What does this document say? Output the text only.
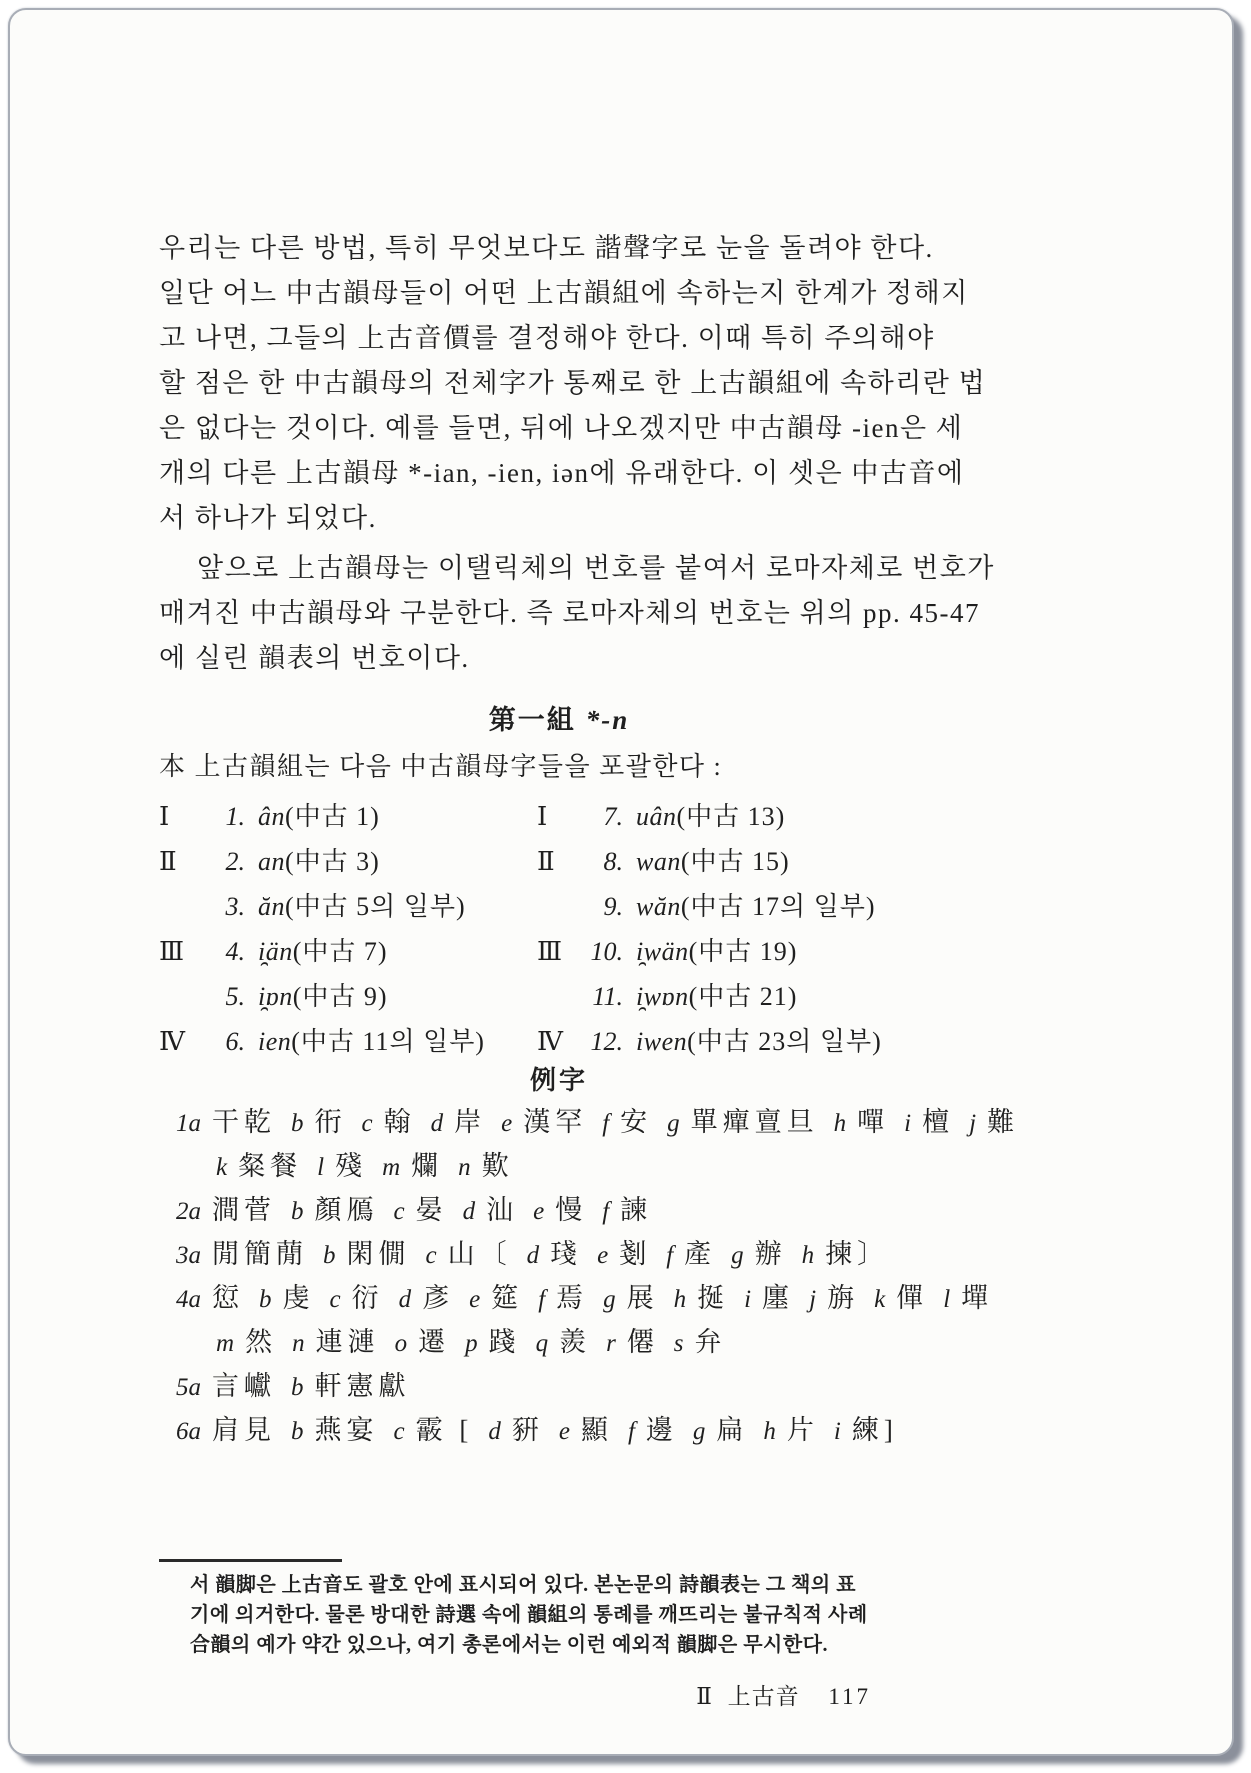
우리는 다른 방법, 특히 무엇보다도 諧聲字로 눈을 돌려야 한다.
일단 어느 中古韻母들이 어떤 上古韻組에 속하는지 한계가 정해지
고 나면, 그들의 上古音價를 결정해야 한다. 이때 특히 주의해야
할 점은 한 中古韻母의 전체字가 통째로 한 上古韻組에 속하리란 법
은 없다는 것이다. 예를 들면, 뒤에 나오겠지만 中古韻母 -ien은 세
개의 다른 上古韻母 *-ian, -ien, iən에 유래한다. 이 셋은 中古音에
서 하나가 되었다.
앞으로 上古韻母는 이탤릭체의 번호를 붙여서 로마자체로 번호가
매겨진 中古韻母와 구분한다. 즉 로마자체의 번호는 위의 pp. 45-47
에 실린 韻表의 번호이다.
第一組 *-n
本 上古韻組는 다음 中古韻母字들을 포괄한다 :
Ⅰ 1. ân(中古 1)
Ⅱ 2. an(中古 3)
3. ăn(中古 5의 일부)
Ⅲ 4. i̯än(中古 7)
5. i̯ɒn(中古 9)
Ⅳ 6. ien(中古 11의 일부)
Ⅰ 7. uân(中古 13)
Ⅱ 8. wan(中古 15)
9. wăn(中古 17의 일부)
Ⅲ 10. i̯wän(中古 19)
11. i̯wɒn(中古 21)
Ⅳ 12. iwen(中古 23의 일부)
例字
1a 干乾 b 衎 c 翰 d 岸 e 漢罕 f 安 g 單癉亶旦 h 嘽 i 檀 j 難
k 粲餐 l 殘 m 爛 n 歎
2a 澗菅 b 顏鴈 c 晏 d 汕 e 慢 f 諫
3a 閒簡蕑 b 閑僩 c 山〔 d 琖 e 剗 f 產 g 辦 h 揀〕
4a 愆 b 虔 c 衍 d 彥 e 筵 f 焉 g 展 h 挻 i 廛 j 旃 k 僤 l 墠
m 然 n 連漣 o 遷 p 踐 q 羨 r 僊 s 弁
5a 言巘 b 軒憲獻
6a 肩見 b 燕宴 c 霰 [ d 豣 e 顯 f 邊 g 扁 h 片 i 練]
서 韻脚은 上古音도 괄호 안에 표시되어 있다. 본논문의 詩韻表는 그 책의 표
기에 의거한다. 물론 방대한 詩選 속에 韻組의 통례를 깨뜨리는 불규칙적 사례
合韻의 예가 약간 있으나, 여기 총론에서는 이런 예외적 韻脚은 무시한다.
Ⅱ 上古音 117
